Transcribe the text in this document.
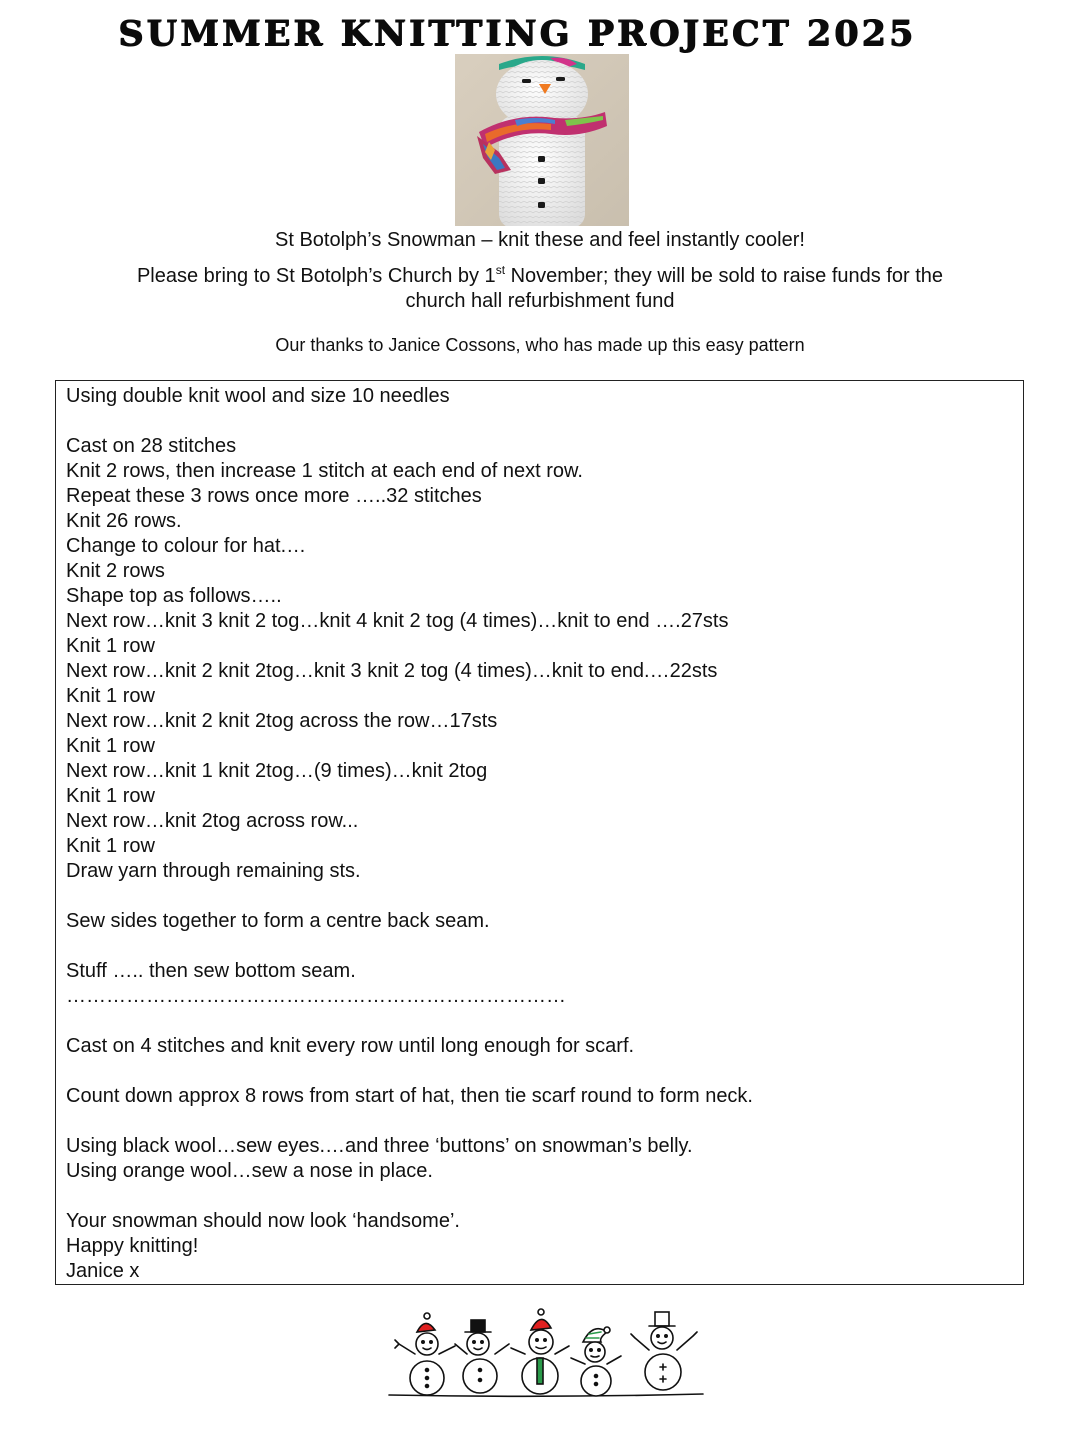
SUMMER KNITTING PROJECT 2025
St Botolph’s Snowman – knit these and feel instantly cooler!
Please bring to St Botolph’s Church by 1st November; they will be sold to raise funds for the
church hall refurbishment fund
Our thanks to Janice Cossons, who has made up this easy pattern
Using double knit wool and size 10 needles

Cast on 28 stitches
Knit 2 rows, then increase 1 stitch at each end of next row.
Repeat these 3 rows once more …..32 stitches
Knit 26 rows.
Change to colour for hat.…
Knit 2 rows
Shape top as follows…..
Next row…knit 3 knit 2 tog…knit 4 knit 2 tog (4 times)…knit to end ….27sts
Knit 1 row
Next row…knit 2 knit 2tog…knit 3 knit 2 tog (4 times)…knit to end.…22sts
Knit 1 row
Next row…knit 2 knit 2tog across the row…17sts
Knit 1 row
Next row…knit 1 knit 2tog…(9 times)…knit 2tog
Knit 1 row
Next row…knit 2tog across row...
Knit 1 row
Draw yarn through remaining sts.

Sew sides together to form a centre back seam.

Stuff ….. then sew bottom seam.
…………………………………………………………………

Cast on 4 stitches and knit every row until long enough for scarf.

Count down approx 8 rows from start of hat, then tie scarf round to form neck.

Using black wool…sew eyes.…and three ‘buttons’ on snowman’s belly.
Using orange wool…sew a nose in place.

Your snowman should now look ‘handsome’.
Happy knitting!
Janice x
